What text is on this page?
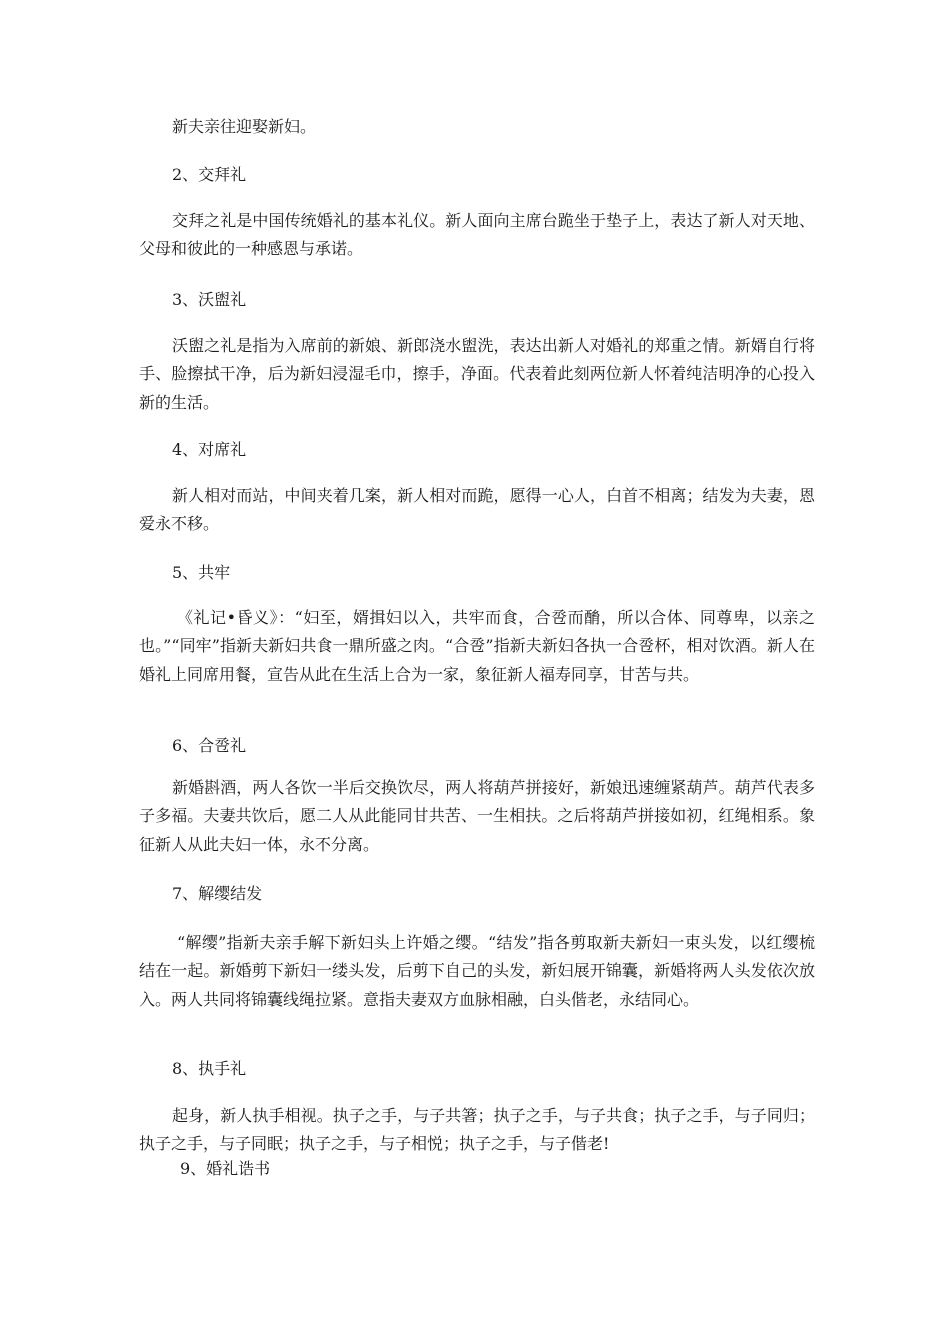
新夫亲往迎娶新妇。

2、交拜礼

交拜之礼是中国传统婚礼的基本礼仪。新人面向主席台跪坐于垫子上，表达了新人对天地、父母和彼此的一种感恩与承诺。

3、沃盥礼

沃盥之礼是指为入席前的新娘、新郎浇水盥洗，表达出新人对婚礼的郑重之情。新婿自行将手、脸擦拭干净，后为新妇浸湿毛巾，擦手，净面。代表着此刻两位新人怀着纯洁明净的心投入新的生活。

4、对席礼

新人相对而站，中间夹着几案，新人相对而跪，愿得一心人，白首不相离；结发为夫妻，恩爱永不移。

5、共牢

《礼记•昏义》：“妇至，婿揖妇以入，共牢而食，合卺而酳，所以合体、同尊卑，以亲之也。”“同牢”指新夫新妇共食一鼎所盛之肉。“合卺”指新夫新妇各执一合卺杯，相对饮酒。新人在婚礼上同席用餐，宣告从此在生活上合为一家，象征新人福寿同享，甘苦与共。

6、合卺礼

新婚斟酒，两人各饮一半后交换饮尽，两人将葫芦拼接好，新娘迅速缠紧葫芦。葫芦代表多子多福。夫妻共饮后，愿二人从此能同甘共苦、一生相扶。之后将葫芦拼接如初，红绳相系。象征新人从此夫妇一体，永不分离。

7、解缨结发

“解缨”指新夫亲手解下新妇头上许婚之缨。“结发”指各剪取新夫新妇一束头发，以红缨梳结在一起。新婚剪下新妇一缕头发，后剪下自己的头发，新妇展开锦囊，新婚将两人头发依次放入。两人共同将锦囊线绳拉紧。意指夫妻双方血脉相融，白头偕老，永结同心。

8、执手礼

起身，新人执手相视。执子之手，与子共箸；执子之手，与子共食；执子之手，与子同归；执子之手，与子同眠；执子之手，与子相悦；执子之手，与子偕老!

9、婚礼诰书
